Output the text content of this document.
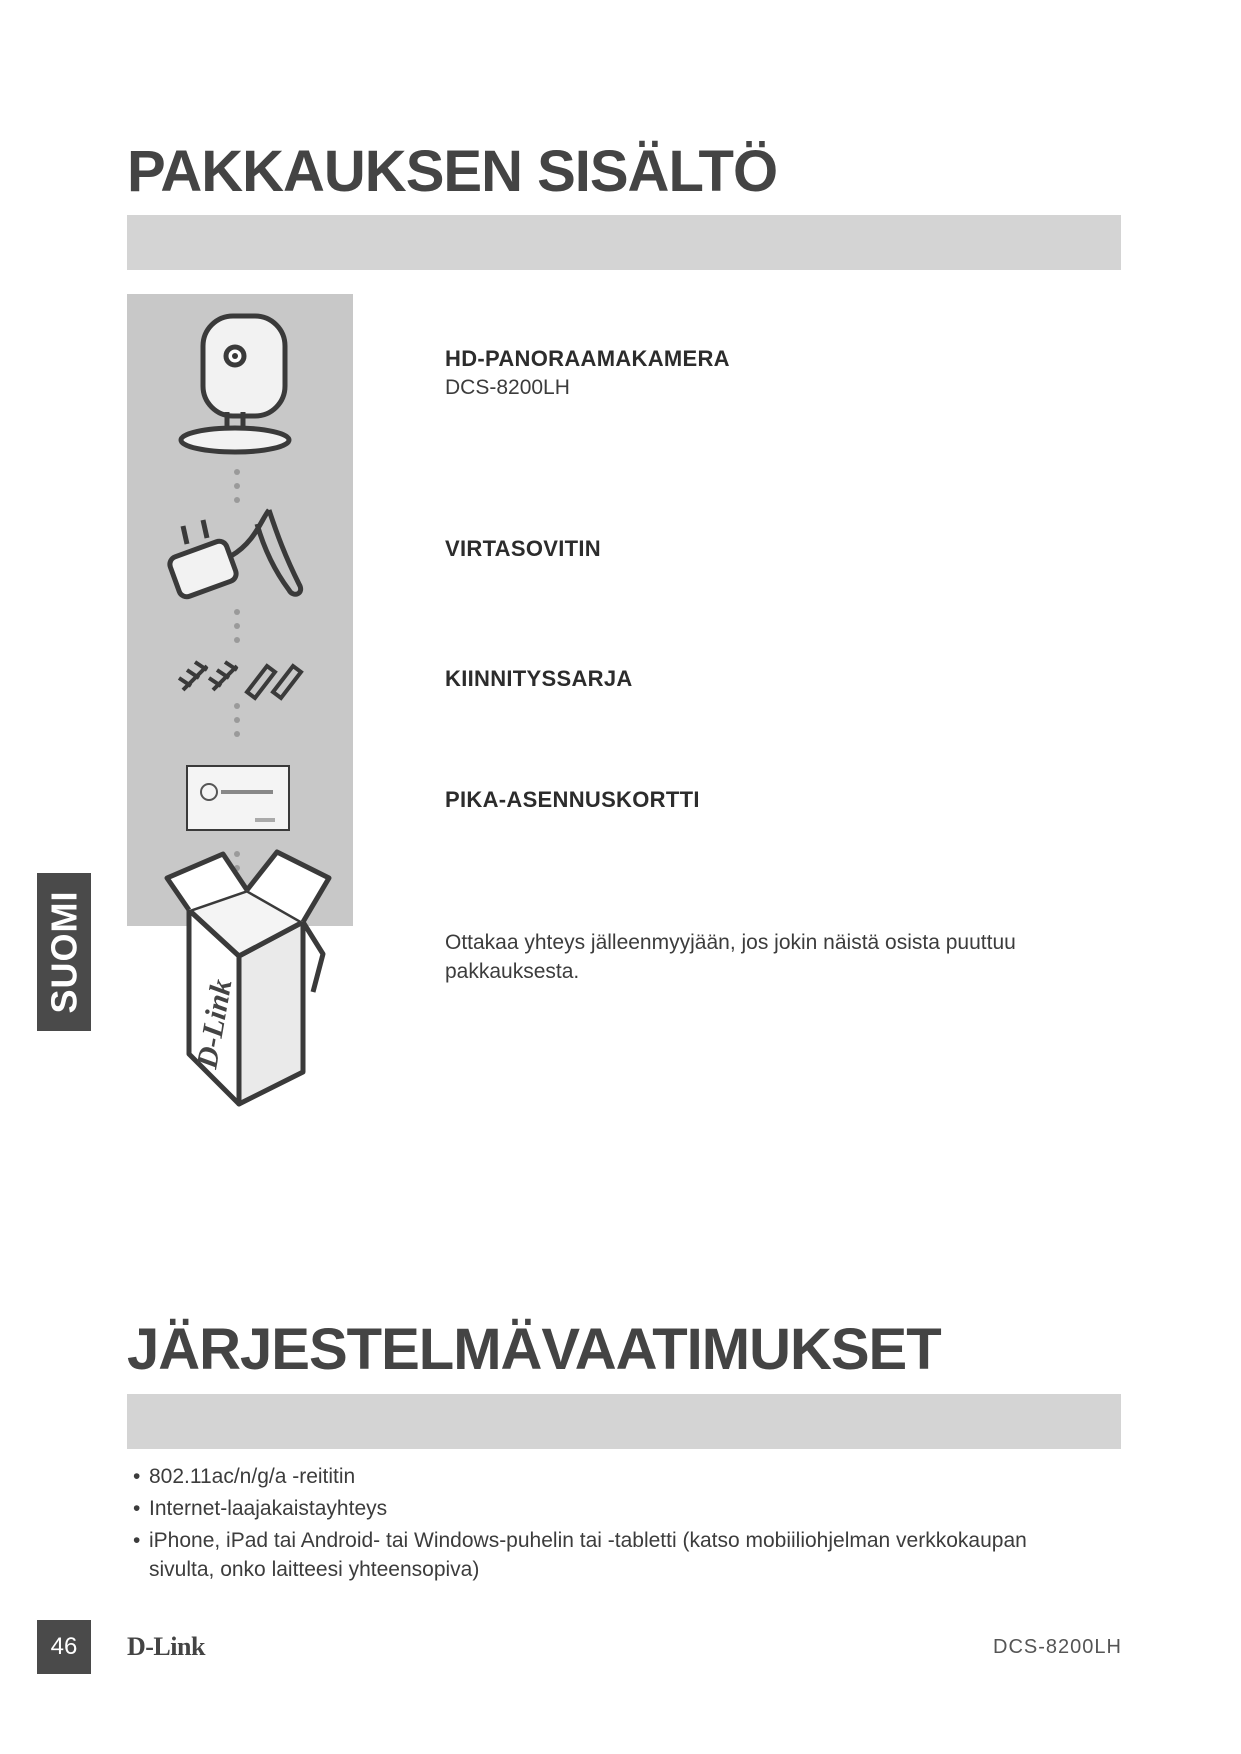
PAKKAUKSEN SISÄLTÖ
D-Link
HD-PANORAAMAKAMERA
DCS-8200LH
VIRTASOVITIN
KIINNITYSSARJA
PIKA-ASENNUSKORTTI
Ottakaa yhteys jälleenmyyjään, jos jokin näistä osista puuttuu pakkauksesta.
JÄRJESTELMÄVAATIMUKSET
• 802.11ac/n/g/a -reititin
• Internet-laajakaistayhteys
• iPhone, iPad tai Android- tai Windows-puhelin tai -tabletti (katso mobiiliohjelman verkkokaupan sivulta, onko laitteesi yhteensopiva)
SUOMI
46	D-Link	DCS-8200LH
